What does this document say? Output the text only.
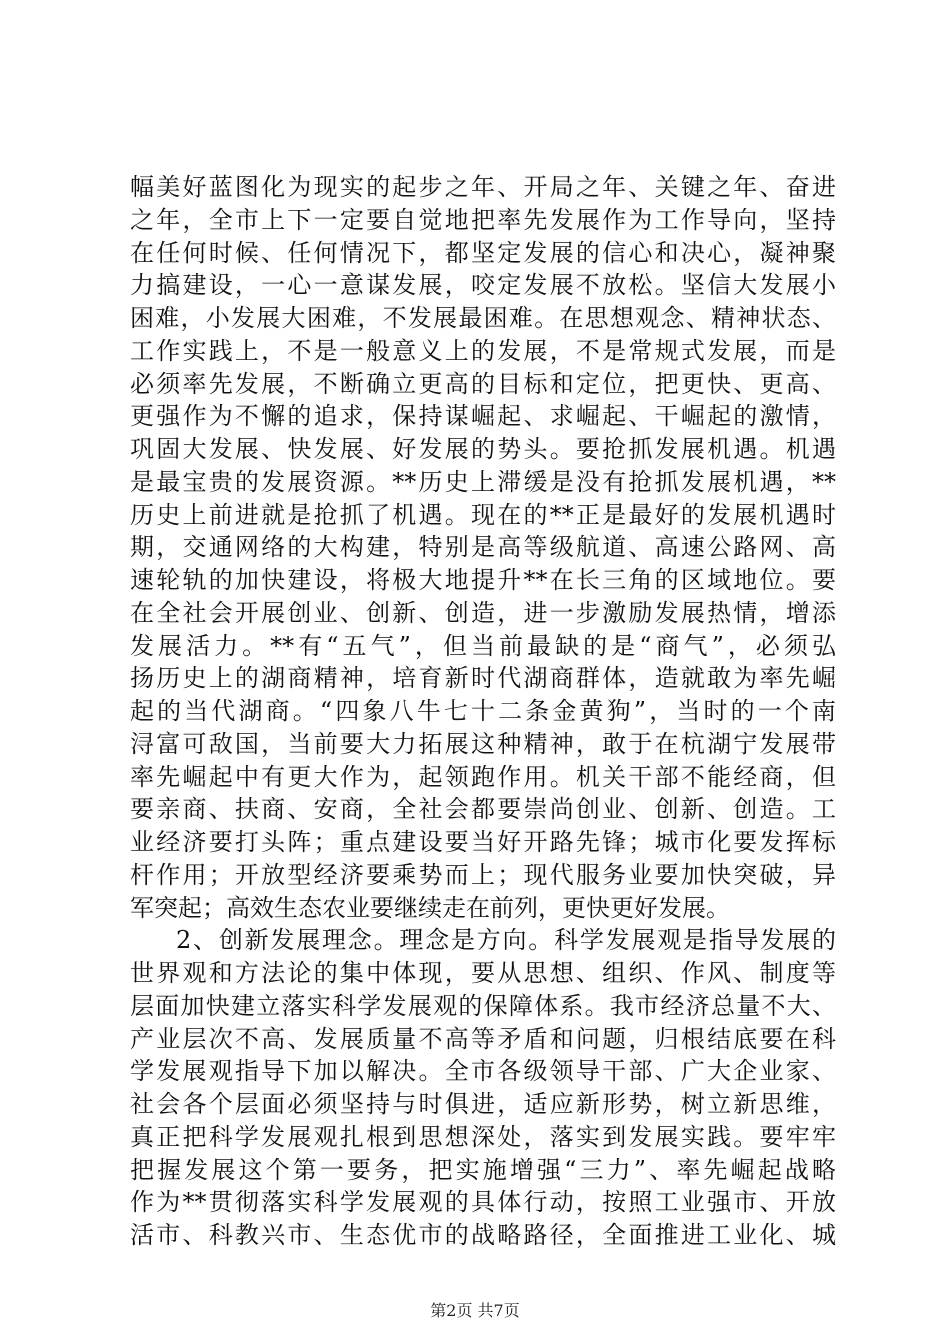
幅美好蓝图化为现实的起步之年、开局之年、关键之年、奋进
之年，全市上下一定要自觉地把率先发展作为工作导向，坚持
在任何时候、任何情况下，都坚定发展的信心和决心，凝神聚
力搞建设，一心一意谋发展，咬定发展不放松。坚信大发展小
困难，小发展大困难，不发展最困难。在思想观念、精神状态、
工作实践上，不是一般意义上的发展，不是常规式发展，而是
必须率先发展，不断确立更高的目标和定位，把更快、更高、
更强作为不懈的追求，保持谋崛起、求崛起、干崛起的激情，
巩固大发展、快发展、好发展的势头。要抢抓发展机遇。机遇
是最宝贵的发展资源。**历史上滞缓是没有抢抓发展机遇，**
历史上前进就是抢抓了机遇。现在的**正是最好的发展机遇时
期，交通网络的大构建，特别是高等级航道、高速公路网、高
速轮轨的加快建设，将极大地提升**在长三角的区域地位。要
在全社会开展创业、创新、创造，进一步激励发展热情，增添
发展活力。**有“五气”，但当前最缺的是“商气”，必须弘
扬历史上的湖商精神，培育新时代湖商群体，造就敢为率先崛
起的当代湖商。“四象八牛七十二条金黄狗”，当时的一个南
浔富可敌国，当前要大力拓展这种精神，敢于在杭湖宁发展带
率先崛起中有更大作为，起领跑作用。机关干部不能经商，但
要亲商、扶商、安商，全社会都要崇尚创业、创新、创造。工
业经济要打头阵；重点建设要当好开路先锋；城市化要发挥标
杆作用；开放型经济要乘势而上；现代服务业要加快突破，异
军突起；高效生态农业要继续走在前列，更快更好发展。
2、创新发展理念。理念是方向。科学发展观是指导发展的
世界观和方法论的集中体现，要从思想、组织、作风、制度等
层面加快建立落实科学发展观的保障体系。我市经济总量不大、
产业层次不高、发展质量不高等矛盾和问题，归根结底要在科
学发展观指导下加以解决。全市各级领导干部、广大企业家、
社会各个层面必须坚持与时俱进，适应新形势，树立新思维，
真正把科学发展观扎根到思想深处，落实到发展实践。要牢牢
把握发展这个第一要务，把实施增强“三力”、率先崛起战略
作为**贯彻落实科学发展观的具体行动，按照工业强市、开放
活市、科教兴市、生态优市的战略路径，全面推进工业化、城
第2页 共7页
